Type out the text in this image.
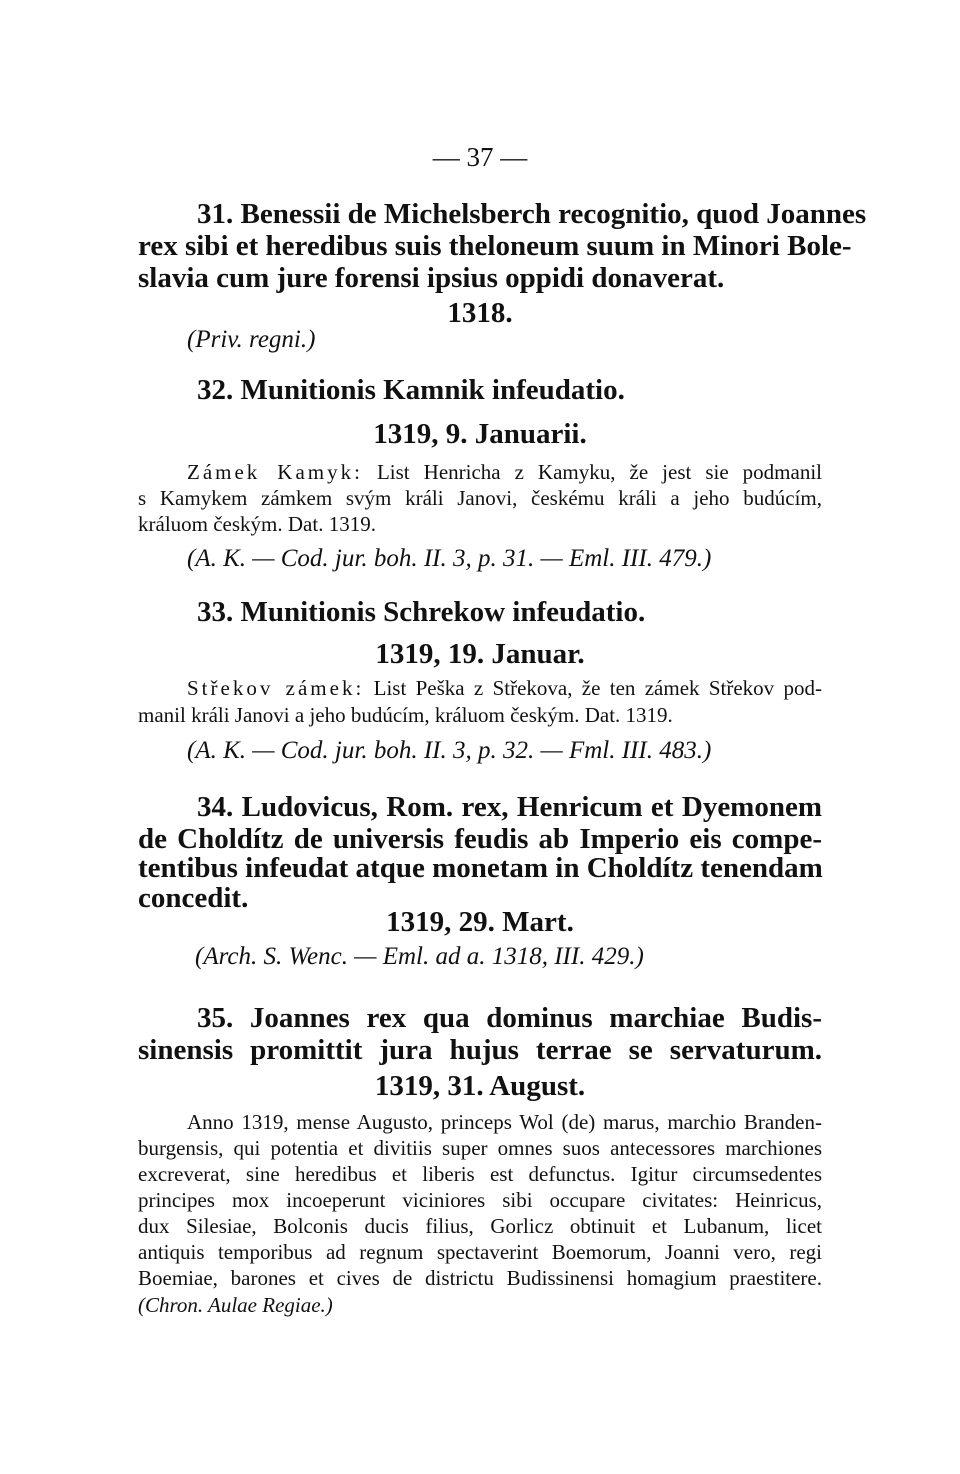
— 37 —
31. Benessii de Michelsberch recognitio, quod Joannes
rex sibi et heredibus suis theloneum suum in Minori Bole-
slavia cum jure forensi ipsius oppidi donaverat.
1318.
(Priv. regni.)
32. Munitionis Kamnik infeudatio.
1319, 9. Januarii.
Zámek Kamyk: List Henricha z Kamyku, že jest sie podmanil
s Kamykem zámkem svým králi Janovi, českému králi a jeho budúcím,
králuom českým. Dat. 1319.
(A. K. — Cod. jur. boh. II. 3, p. 31. — Eml. III. 479.)
33. Munitionis Schrekow infeudatio.
1319, 19. Januar.
Střekov zámek: List Peška z Střekova, že ten zámek Střekov pod-
manil králi Janovi a jeho budúcím, králuom českým. Dat. 1319.
(A. K. — Cod. jur. boh. II. 3, p. 32. — Fml. III. 483.)
34. Ludovicus, Rom. rex, Henricum et Dyemonem
de Choldítz de universis feudis ab Imperio eis compe-
tentibus infeudat atque monetam in Choldítz tenendam
concedit.
1319, 29. Mart.
(Arch. S. Wenc. — Eml. ad a. 1318, III. 429.)
35. Joannes rex qua dominus marchiae Budis-
sinensis promittit jura hujus terrae se servaturum.
1319, 31. August.
Anno 1319, mense Augusto, princeps Wol (de) marus, marchio Branden-
burgensis, qui potentia et divitiis super omnes suos antecessores marchiones
excreverat, sine heredibus et liberis est defunctus. Igitur circumsedentes
principes mox incoeperunt viciniores sibi occupare civitates: Heinricus,
dux Silesiae, Bolconis ducis filius, Gorlicz obtinuit et Lubanum, licet
antiquis temporibus ad regnum spectaverint Boemorum, Joanni vero, regi
Boemiae, barones et cives de districtu Budissinensi homagium praestitere.
(Chron. Aulae Regiae.)
